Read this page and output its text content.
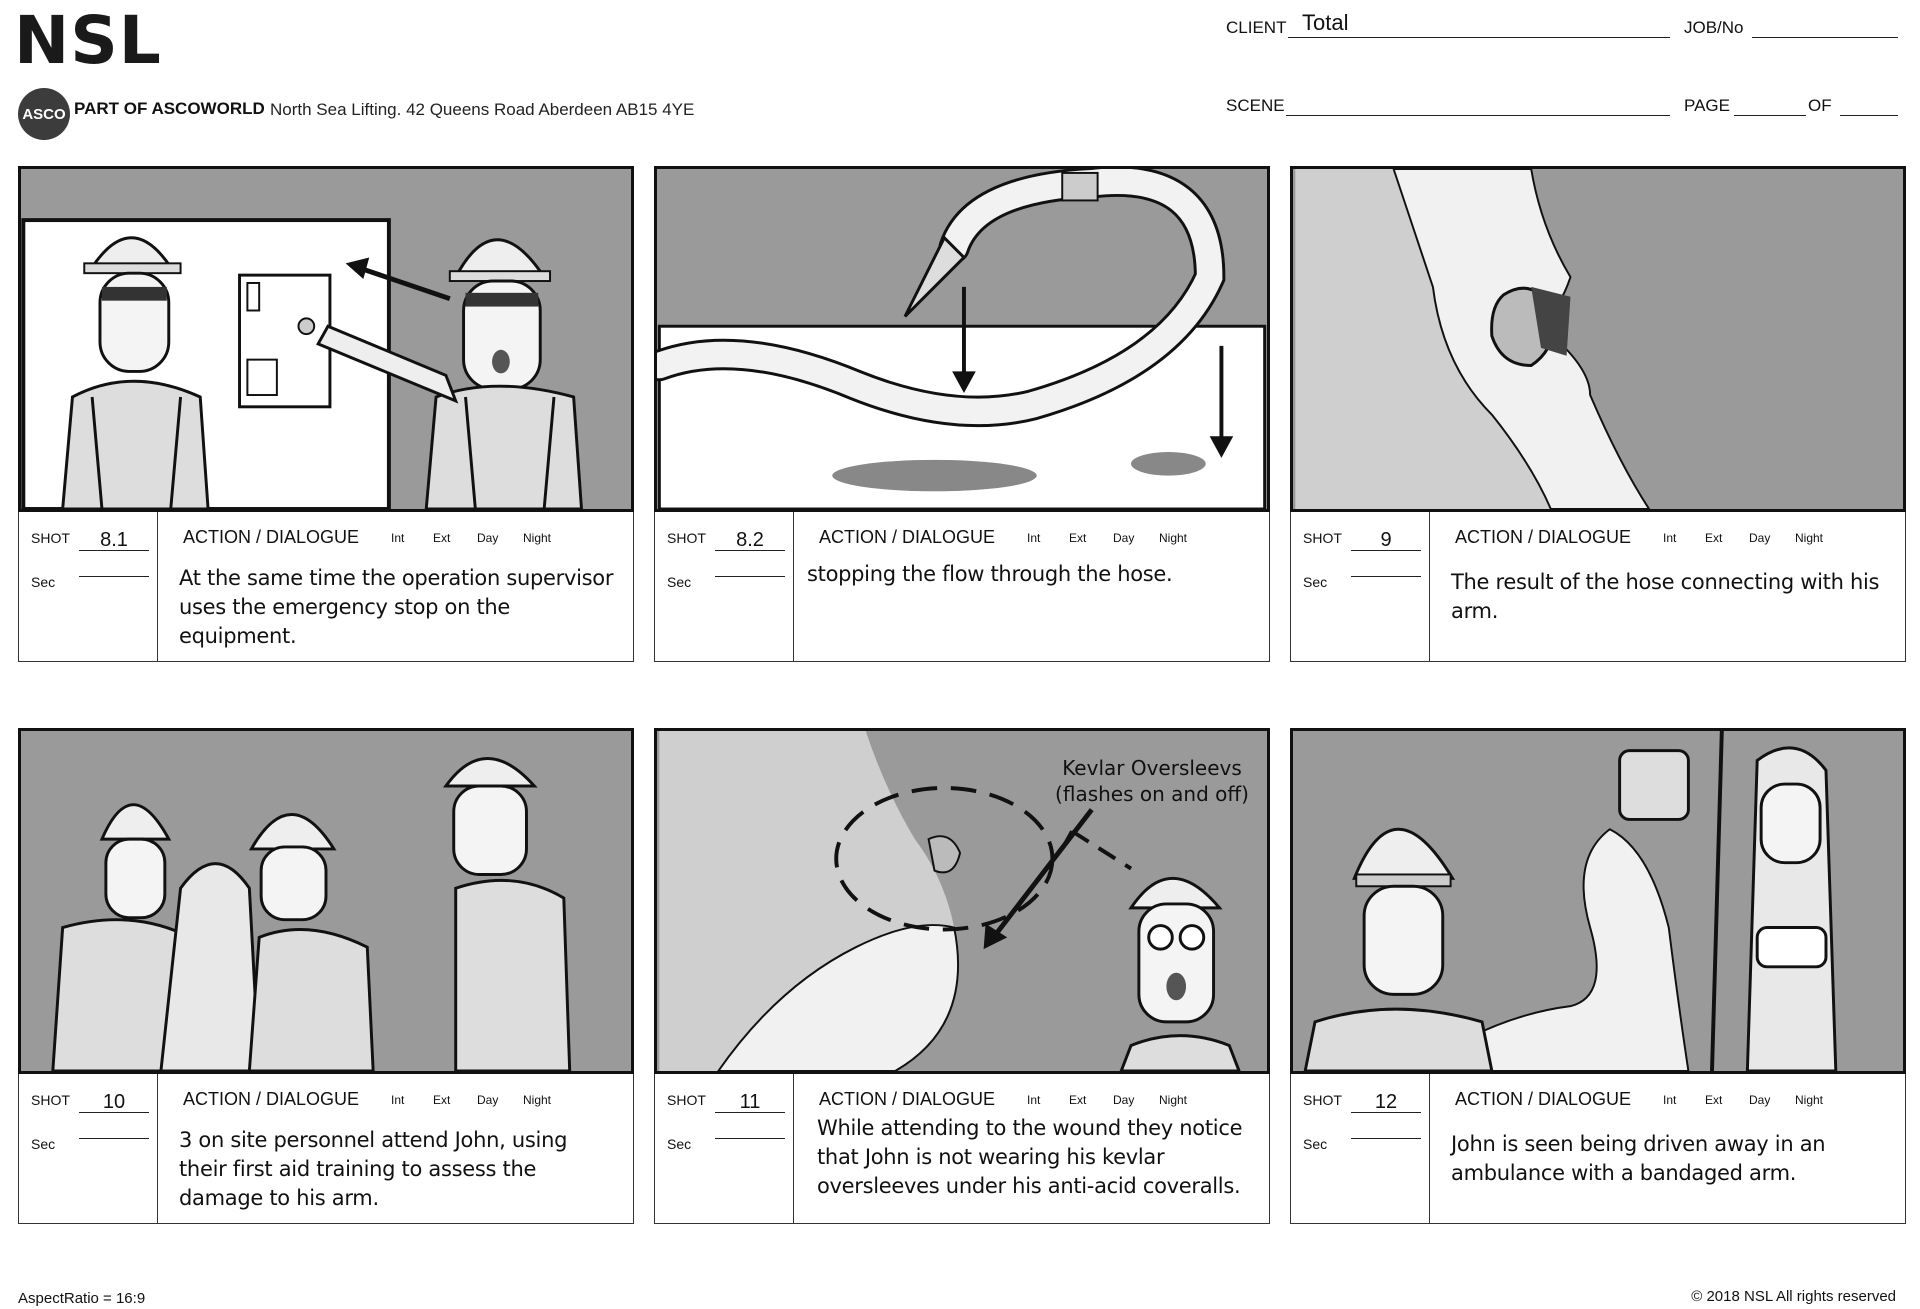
NSL
ASCO PART OF ASCOWORLD North Sea Lifting. 42 Queens Road Aberdeen AB15 4YE
CLIENT Total	JOB/No
SCENE	PAGE	OF
SHOT	8.1
Sec
ACTION / DIALOGUE	Int Ext Day Night
At the same time the operation supervisor uses the emergency stop on the equipment.
SHOT	8.2
Sec
ACTION / DIALOGUE	Int Ext Day Night
stopping the flow through the hose.
SHOT	9
Sec
ACTION / DIALOGUE	Int Ext Day Night
The result of the hose connecting with his arm.
SHOT	10
Sec
ACTION / DIALOGUE	Int Ext Day Night
3 on site personnel attend John, using their first aid training to assess the damage to his arm.
Kevlar Oversleevs
(flashes on and off)
SHOT	11
Sec
ACTION / DIALOGUE	Int Ext Day Night
While attending to the wound they notice that John is not wearing his kevlar oversleeves under his anti-acid coveralls.
SHOT	12
Sec
ACTION / DIALOGUE	Int Ext Day Night
John is seen being driven away in an ambulance with a bandaged arm.
AspectRatio = 16:9	© 2018 NSL All rights reserved
